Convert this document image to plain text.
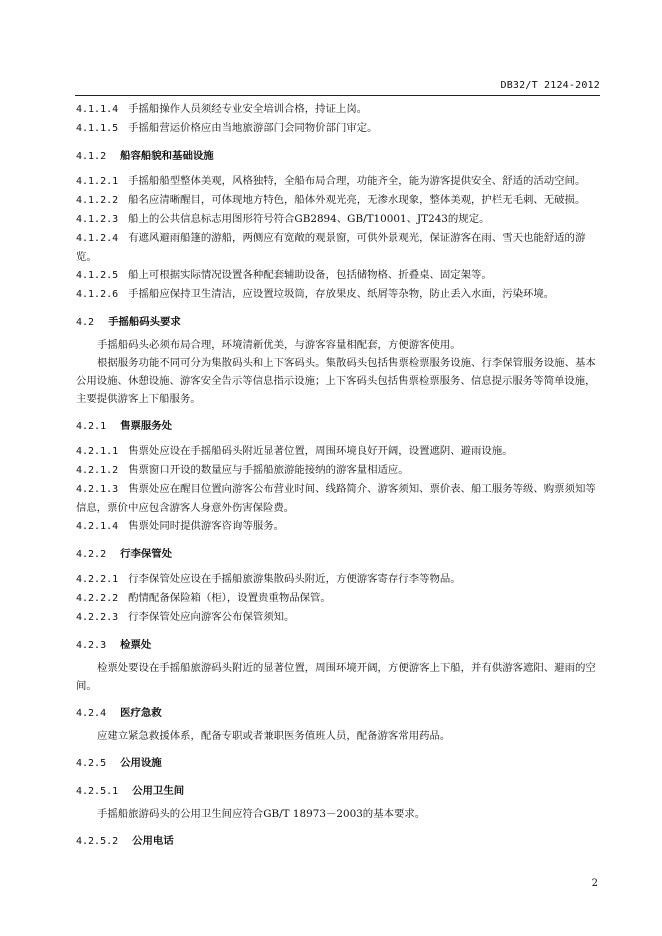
DB32/T 2124-2012

4.1.1.4 手摇船操作人员须经专业安全培训合格，持证上岗。

4.1.1.5 手摇船营运价格应由当地旅游部门会同物价部门审定。

4.1.2 船容船貌和基础设施

4.1.2.1 手摇船船型整体美观，风格独特，全船布局合理，功能齐全，能为游客提供安全、舒适的活动空间。

4.1.2.2 船名应清晰醒目，可体现地方特色，船体外观光亮，无渗水现象，整体美观，护栏无毛刺、无破损。

4.1.2.3 船上的公共信息标志用图形符号符合GB2894、GB/T10001、JT243的规定。

4.1.2.4 有遮风避雨船篷的游船，两侧应有宽敞的观景窗，可供外景观光，保证游客在雨、雪天也能舒适的游览。

4.1.2.5 船上可根据实际情况设置各种配套辅助设备，包括储物格、折叠桌、固定架等。

4.1.2.6 手摇船应保持卫生清洁，应设置垃圾筒，存放果皮、纸屑等杂物，防止丢入水面，污染环境。

4.2 手摇船码头要求

手摇船码头必须布局合理，环境清新优美，与游客容量相配套，方便游客使用。

根据服务功能不同可分为集散码头和上下客码头。集散码头包括售票检票服务设施、行李保管服务设施、基本公用设施、休憩设施、游客安全告示等信息指示设施；上下客码头包括售票检票服务、信息提示服务等简单设施，主要提供游客上下船服务。

4.2.1 售票服务处

4.2.1.1 售票处应设在手摇船码头附近显著位置，周围环境良好开阔，设置遮阴、避雨设施。

4.2.1.2 售票窗口开设的数量应与手摇船旅游能接纳的游客量相适应。

4.2.1.3 售票处应在醒目位置向游客公布营业时间、线路简介、游客须知、票价表、船工服务等级、购票须知等信息，票价中应包含游客人身意外伤害保险费。

4.2.1.4 售票处同时提供游客咨询等服务。

4.2.2 行李保管处

4.2.2.1 行李保管处应设在手摇船旅游集散码头附近，方便游客寄存行李等物品。

4.2.2.2 酌情配备保险箱（柜），设置贵重物品保管。

4.2.2.3 行李保管处应向游客公布保管须知。

4.2.3 检票处

检票处要设在手摇船旅游码头附近的显著位置，周围环境开阔，方便游客上下船，并有供游客遮阳、避雨的空间。

4.2.4 医疗急救

应建立紧急救援体系，配备专职或者兼职医务值班人员，配备游客常用药品。

4.2.5 公用设施

4.2.5.1 公用卫生间

手摇船旅游码头的公用卫生间应符合GB/T 18973－2003的基本要求。

4.2.5.2 公用电话

2
